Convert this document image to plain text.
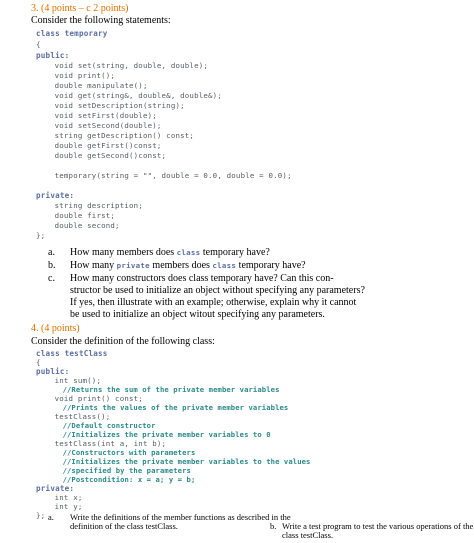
3. (4 points – c 2 points)
Consider the following statements:
class temporary
{
public:
void set(string, double, double);
void print();
double manipulate();
void get(string&, double&, double&);
void setDescription(string);
void setFirst(double);
void setSecond(double);
string getDescription() const;
double getFirst()const;
double getSecond()const;
temporary(string = "", double = 0.0, double = 0.0);
private:
string description;
double first;
double second;
};
a. How many members does class temporary have?
b. How many private members does class temporary have?
c. How many constructors does class temporary have? Can this con-
structor be used to initialize an object without specifying any parameters?
If yes, then illustrate with an example; otherwise, explain why it cannot
be used to initialize an object witout specifying any parameters.
4. (4 points)
Consider the definition of the following class:
class testClass
{
public:
int sum();
//Returns the sum of the private member variables
void print() const;
//Prints the values of the private member variables
testClass();
//Default constructor
//Initializes the private member variables to 0
testClass(int a, int b);
//Constructors with parameters
//Initializes the private member variables to the values
//specified by the parameters
//Postcondition: x = a; y = b;
private:
int x;
int y;
}; a. Write the definitions of the member functions as described in the
definition of the class testClass.	b. Write a test program to test the various operations of the
class testClass.
